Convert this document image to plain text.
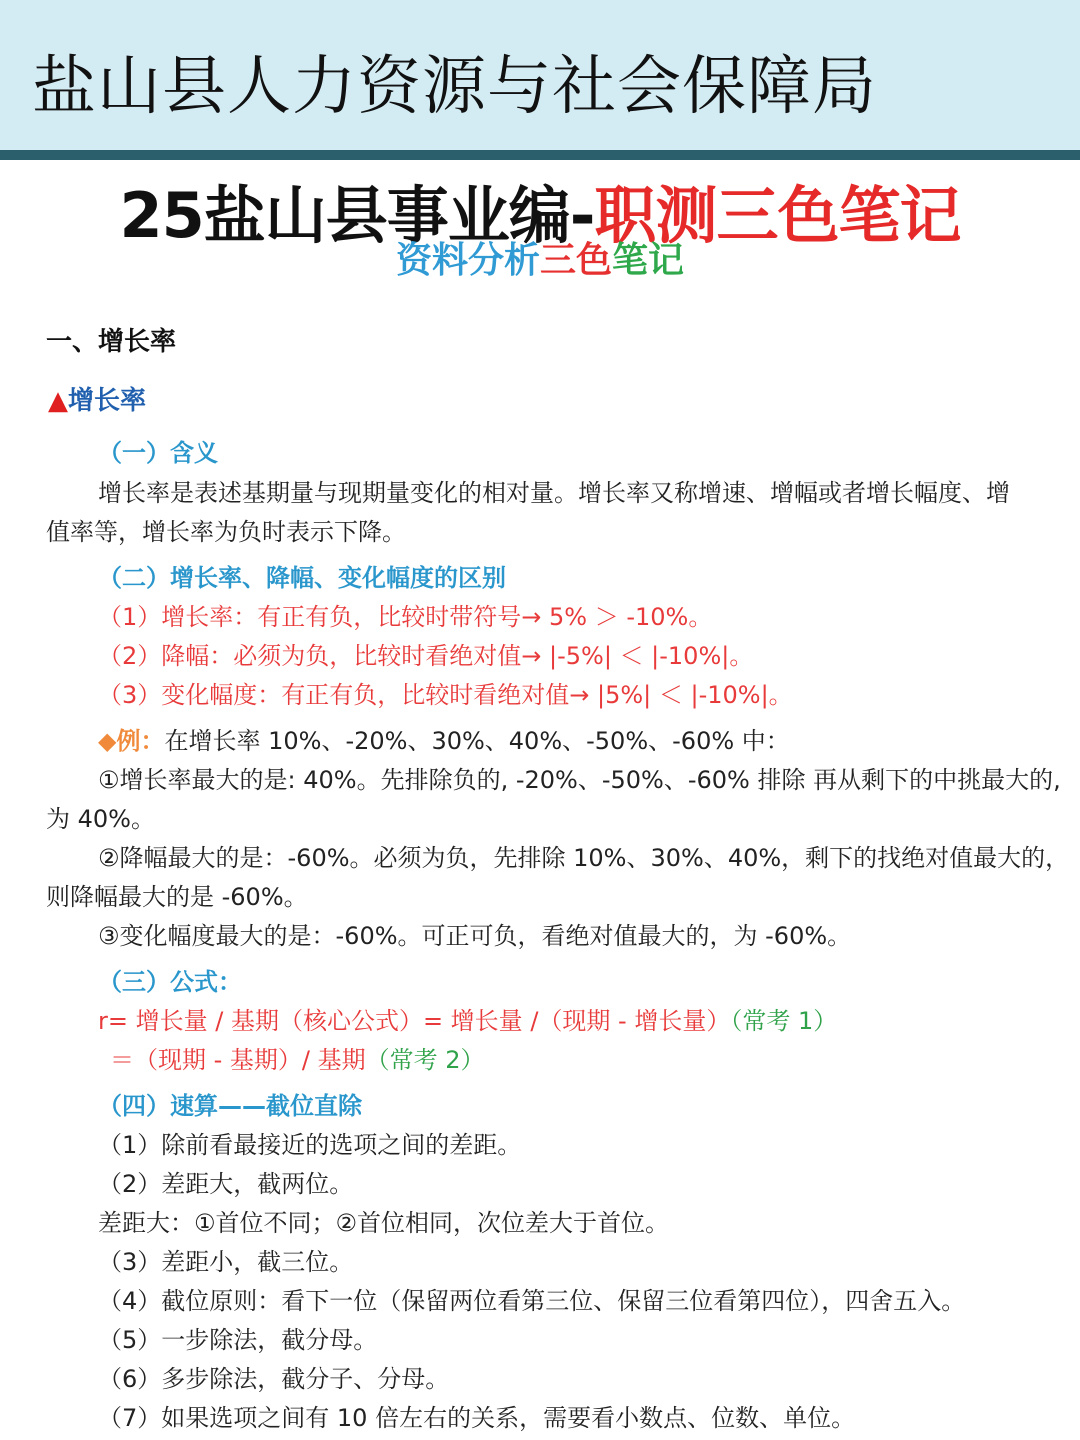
盐山县人力资源与社会保障局
25盐山县事业编-职测三色笔记
资料分析三色笔记
一、增长率
▲增长率
（一）含义
增长率是表述基期量与现期量变化的相对量。增长率又称增速、增幅或者增长幅度、增
值率等，增长率为负时表示下降。
（二）增长率、降幅、变化幅度的区别
（1）增长率：有正有负，比较时带符号→ 5% ＞ -10%。
（2）降幅：必须为负，比较时看绝对值→ |-5%| ＜ |-10%|。
（3）变化幅度：有正有负，比较时看绝对值→ |5%| ＜ |-10%|。
◆例：在增长率 10%、-20%、30%、40%、-50%、-60% 中：
①增长率最大的是: 40%。先排除负的, -20%、-50%、-60% 排除 再从剩下的中挑最大的,
为 40%。
②降幅最大的是：-60%。必须为负，先排除 10%、30%、40%，剩下的找绝对值最大的，
则降幅最大的是 -60%。
③变化幅度最大的是：-60%。可正可负，看绝对值最大的，为 -60%。
（三）公式：
r= 增长量 / 基期（核心公式）= 增长量 /（现期 - 增长量）（常考 1）
＝（现期 - 基期）/ 基期（常考 2）
（四）速算——截位直除
（1）除前看最接近的选项之间的差距。
（2）差距大，截两位。
差距大：①首位不同；②首位相同，次位差大于首位。
（3）差距小，截三位。
（4）截位原则：看下一位（保留两位看第三位、保留三位看第四位），四舍五入。
（5）一步除法，截分母。
（6）多步除法，截分子、分母。
（7）如果选项之间有 10 倍左右的关系，需要看小数点、位数、单位。
